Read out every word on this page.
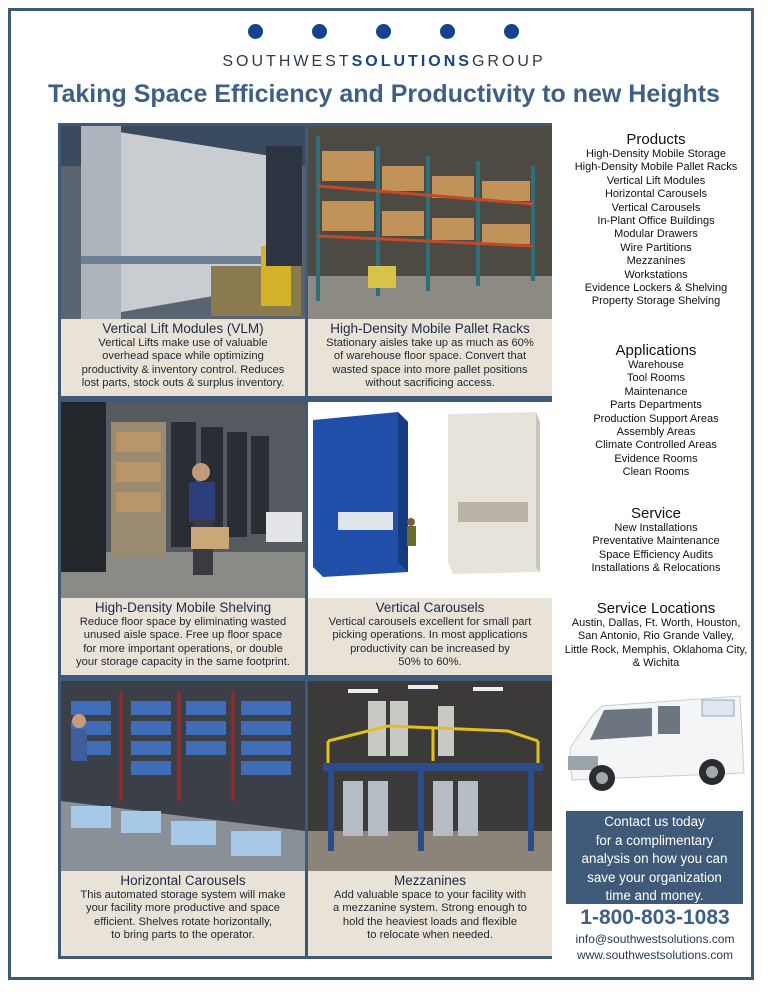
SOUTHWESTSOLUTIONSGROUP
Taking Space Efficiency and Productivity to new Heights
Vertical Lift Modules (VLM)

Vertical Lifts make use of valuable
overhead space while optimizing
productivity & inventory control. Reduces
lost parts, stock outs & surplus inventory.

High-Density Mobile Pallet Racks

Stationary aisles take up as much as 60%
of warehouse floor space. Convert that
wasted space into more pallet positions
without sacrificing access.

High-Density Mobile Shelving

Reduce floor space by eliminating wasted
unused aisle space. Free up floor space
for more important operations, or double
your storage capacity in the same footprint.

Vertical Carousels

Vertical carousels excellent for small part
picking operations. In most applications
productivity can be increased by
50% to 60%.

Horizontal Carousels

This automated storage system will make
your facility more productive and space
efficient. Shelves rotate horizontally,
to bring parts to the operator.

Mezzanines

Add valuable space to your facility with
a mezzanine system. Strong enough to
hold the heaviest loads and flexible
to relocate when needed.

Products
High-Density Mobile Storage
High-Density Mobile Pallet Racks
Vertical Lift Modules
Horizontal Carousels
Vertical Carousels
In-Plant Office Buildings
Modular Drawers
Wire Partitions
Mezzanines
Workstations
Evidence Lockers & Shelving
Property Storage Shelving
Applications
Warehouse
Tool Rooms
Maintenance
Parts Departments
Production Support Areas
Assembly Areas
Climate Controlled Areas
Evidence Rooms
Clean Rooms
Service
New Installations
Preventative Maintenance
Space Efficiency Audits
Installations & Relocations
Service Locations

Austin, Dallas, Ft. Worth, Houston,
San Antonio, Rio Grande Valley,
Little Rock, Memphis, Oklahoma City,
& Wichita

Contact us today
for a complimentary
analysis on how you can
save your organization
time and money.
1-800-803-1083
info@southwestsolutions.com
www.southwestsolutions.com
